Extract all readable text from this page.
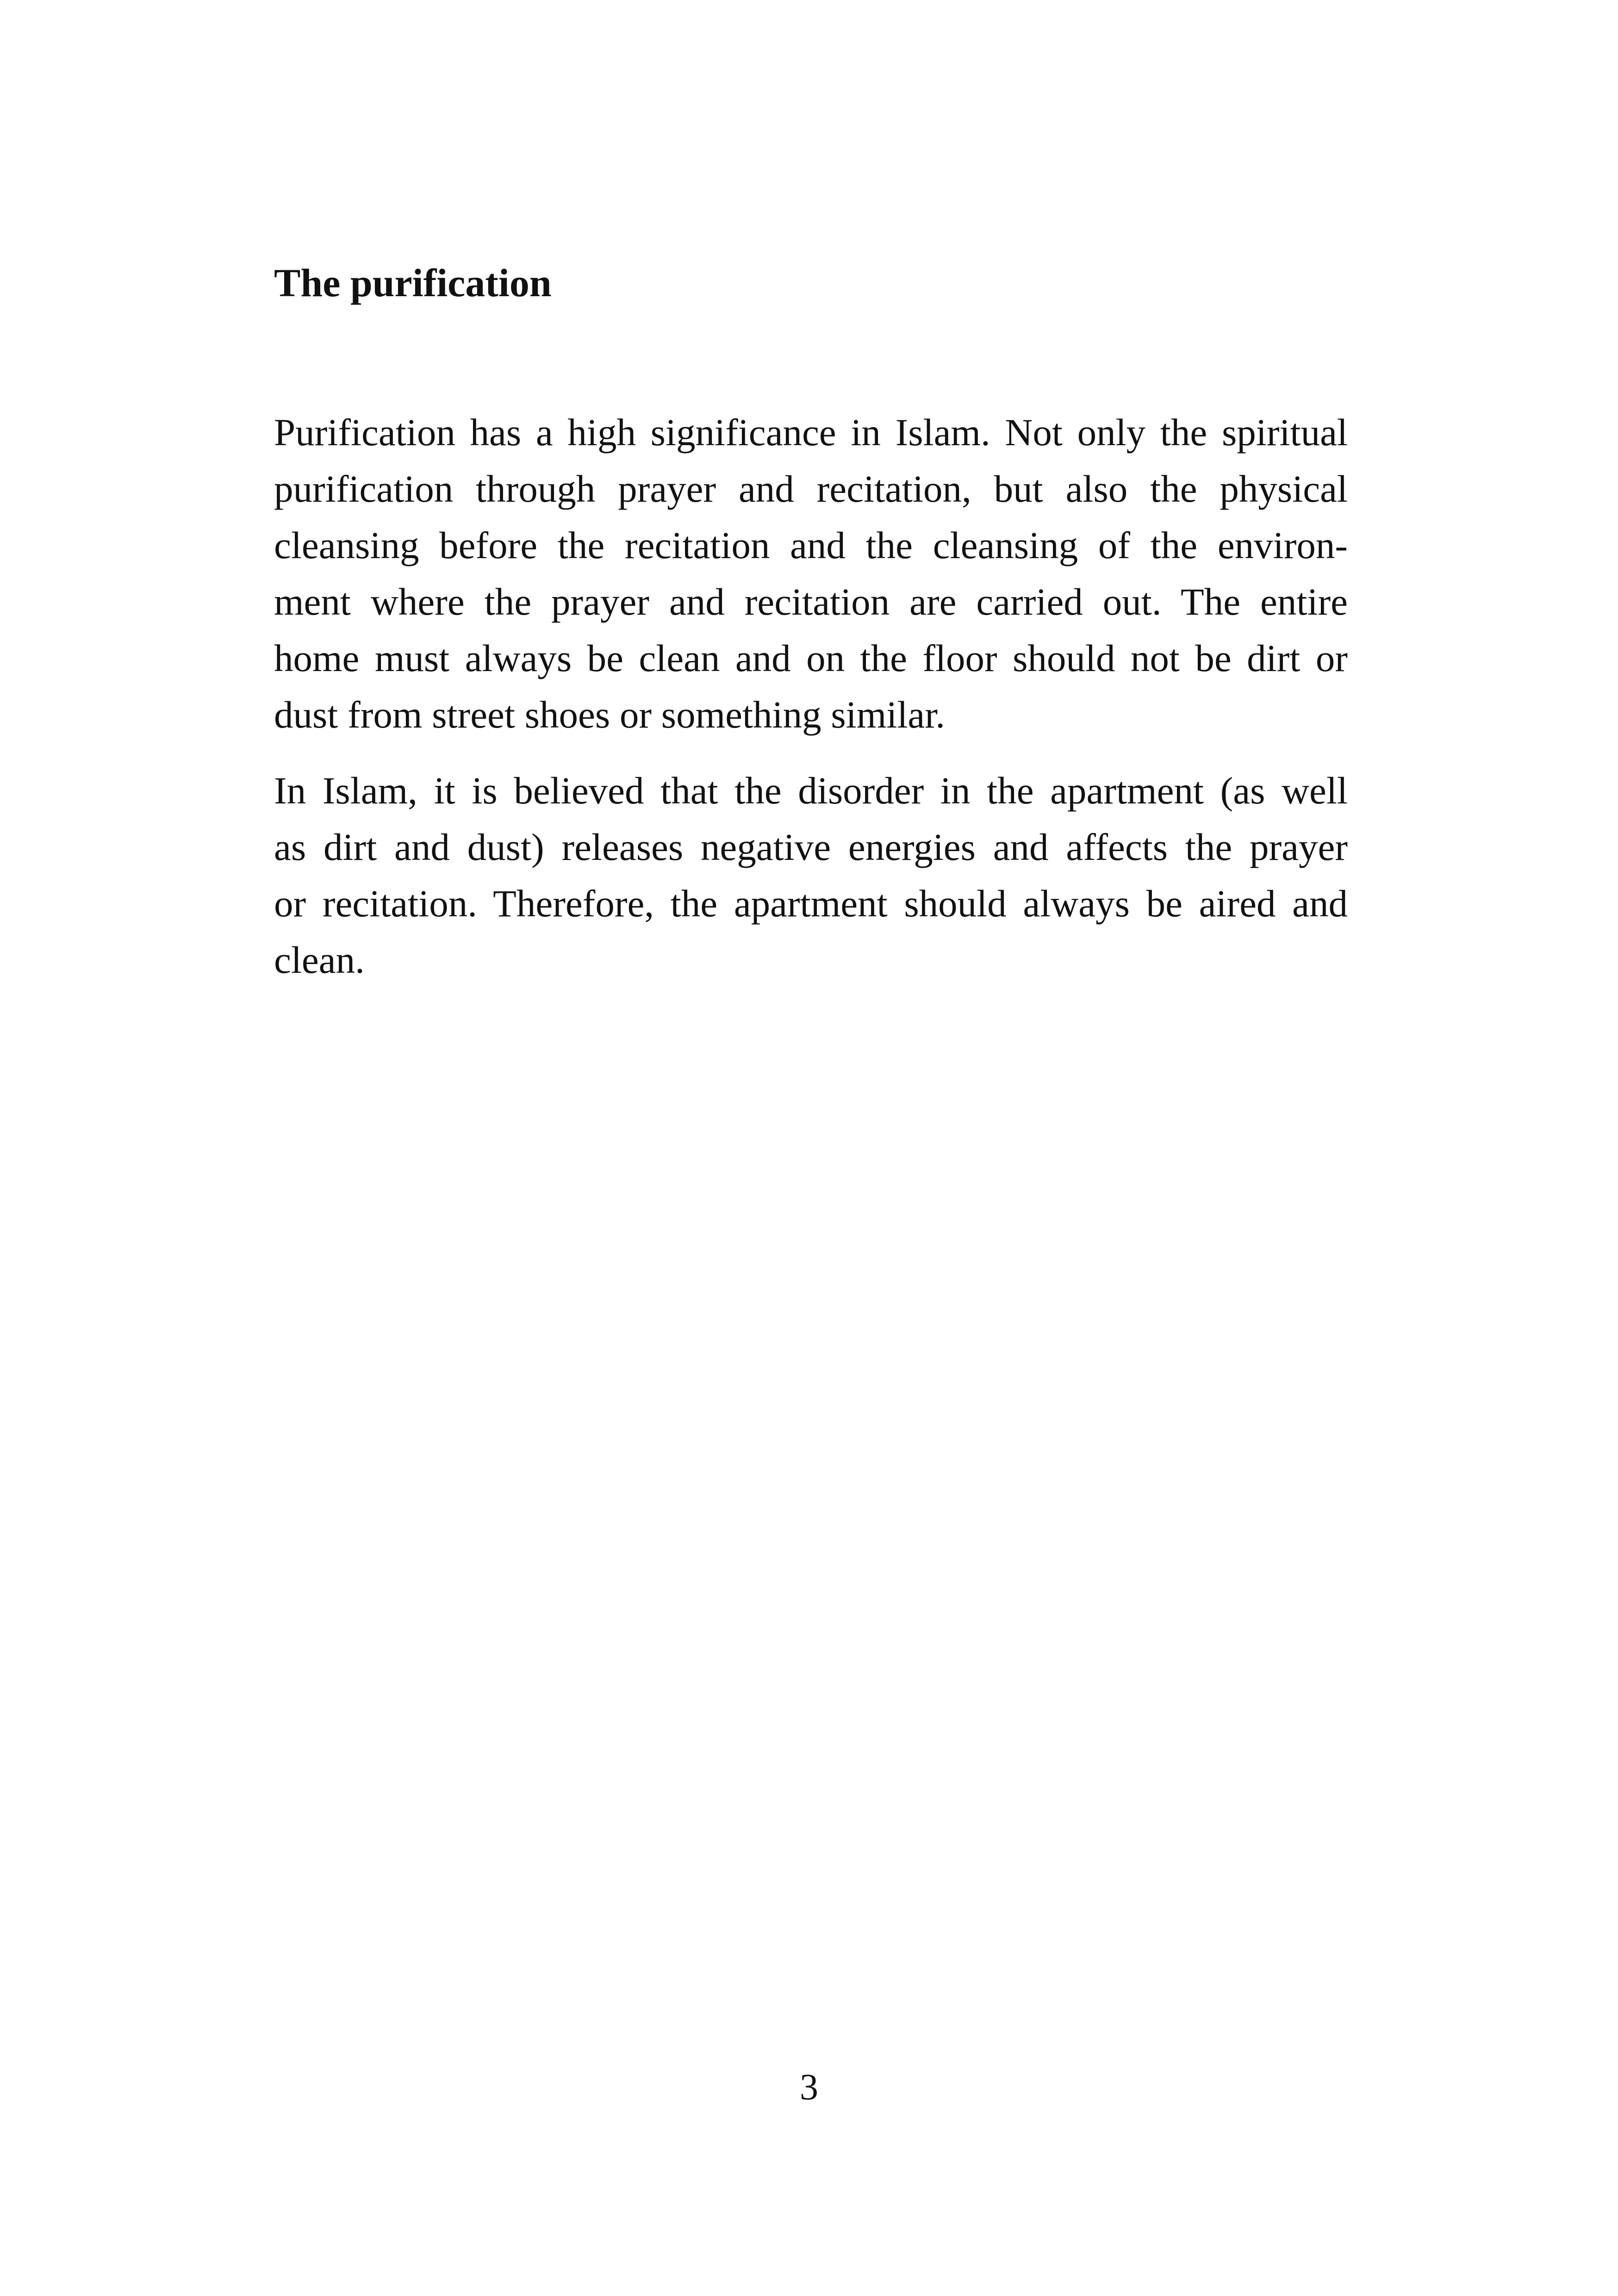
The purification

Purification has a high significance in Islam. Not only the spiritual
purification through prayer and recitation, but also the physical
cleansing before the recitation and the cleansing of the environ-
ment where the prayer and recitation are carried out. The entire
home must always be clean and on the floor should not be dirt or
dust from street shoes or something similar.

In Islam, it is believed that the disorder in the apartment (as well
as dirt and dust) releases negative energies and affects the prayer
or recitation. Therefore, the apartment should always be aired and
clean.

3
